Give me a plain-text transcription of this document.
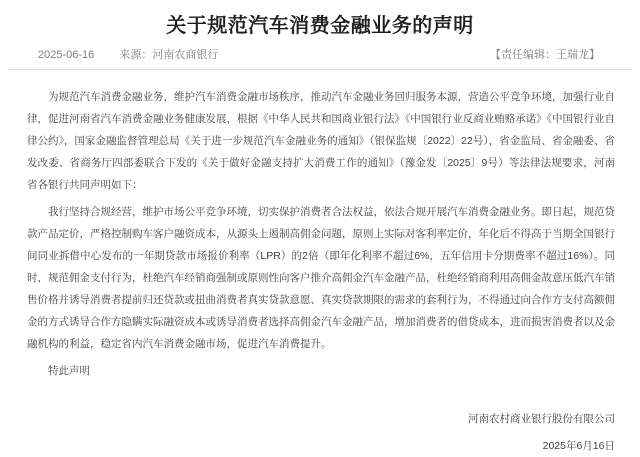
关于规范汽车消费金融业务的声明
2025-06-16 来源：河南农商银行	【责任编辑：王瑞龙】

为规范汽车消费金融业务，维护汽车消费金融市场秩序，推动汽车金融业务回归服务本源，营造公平竞争环境，加强行业自律，促进河南省汽车消费金融业务健康发展，根据《中华人民共和国商业银行法》《中国银行业反商业贿赂承诺》《中国银行业自律公约》，国家金融监督管理总局《关于进一步规范汽车金融业务的通知》（银保监规〔2022〕22号），省金监局、省金融委、省发改委、省商务厅四部委联合下发的《关于做好金融支持扩大消费工作的通知》（豫金发〔2025〕9号）等法律法规要求，河南省各银行共同声明如下：

我行坚持合规经营，维护市场公平竞争环境，切实保护消费者合法权益，依法合规开展汽车消费金融业务。即日起，规范贷款产品定价，严格控制购车客户融资成本，从源头上遏制高佣金问题，原则上实际对客利率定价，年化后不得高于当期全国银行间同业拆借中心发布的一年期贷款市场报价利率（LPR）的2倍（即年化利率不超过6%，五年信用卡分期费率不超过16%）。同时，规范佣金支付行为，杜绝汽车经销商强制或原则性向客户推介高佣金汽车金融产品，杜绝经销商利用高佣金故意压低汽车销售价格并诱导消费者提前归还贷款或扭曲消费者真实贷款意愿、真实贷款期限的需求的套利行为，不得通过向合作方支付高额佣金的方式诱导合作方隐瞒实际融资成本或诱导消费者选择高佣金汽车金融产品，增加消费者的借贷成本，进而损害消费者以及金融机构的利益，稳定省内汽车消费金融市场，促进汽车消费提升。

特此声明

河南农村商业银行股份有限公司

2025年6月16日
